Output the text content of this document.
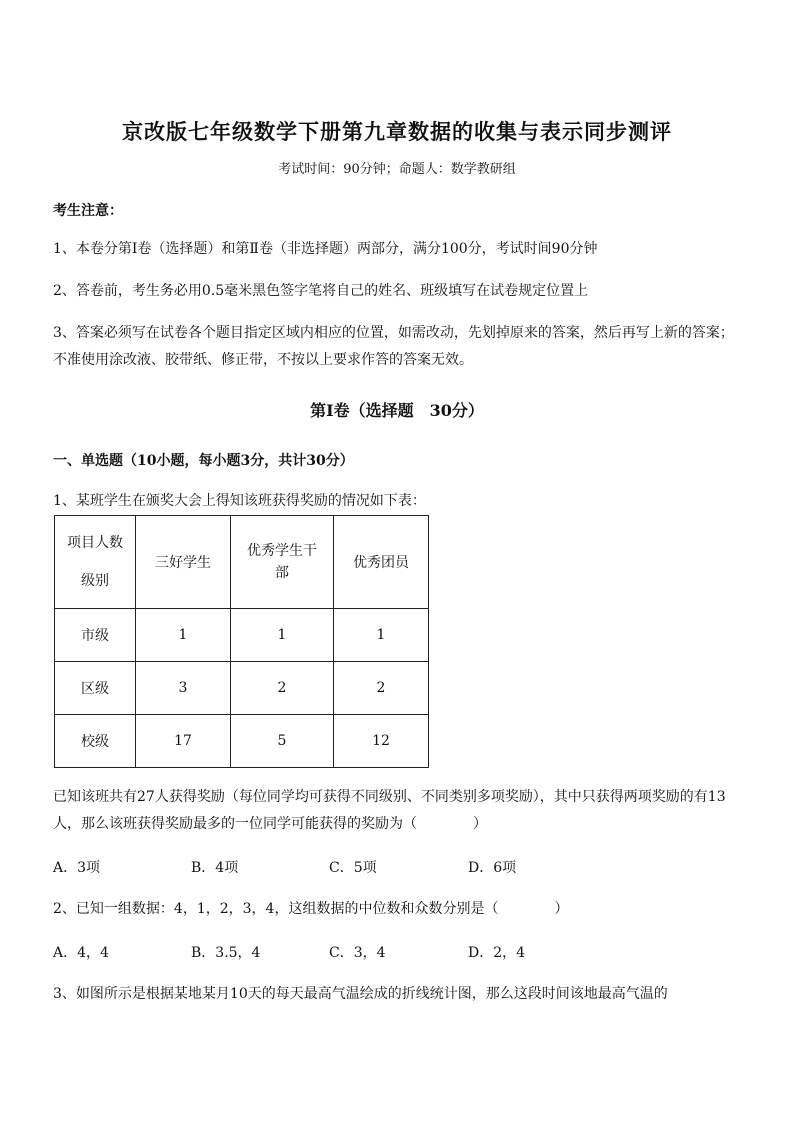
京改版七年级数学下册第九章数据的收集与表示同步测评
考试时间：90分钟；命题人：数学教研组
考生注意：
1、本卷分第Ⅰ卷（选择题）和第Ⅱ卷（非选择题）两部分，满分100分，考试时间90分钟
2、答卷前，考生务必用0.5毫米黑色签字笔将自己的姓名、班级填写在试卷规定位置上
3、答案必须写在试卷各个题目指定区域内相应的位置，如需改动，先划掉原来的答案，然后再写上新的答案；不准使用涂改液、胶带纸、修正带，不按以上要求作答的答案无效。
第Ⅰ卷（选择题　30分）
一、单选题（10小题，每小题3分，共计30分）
1、某班学生在颁奖大会上得知该班获得奖励的情况如下表：
项目人数
级别	三好学生	优秀学生干部	优秀团员
市级	1	1	1
区级	3	2	2
校级	17	5	12
已知该班共有27人获得奖励（每位同学均可获得不同级别、不同类别多项奖励），其中只获得两项奖励的有13人，那么该班获得奖励最多的一位同学可能获得的奖励为（　　　　）
A．3项	B．4项	C．5项	D．6项
2、已知一组数据：4，1，2，3，4，这组数据的中位数和众数分别是（　　　　）
A．4，4	B．3.5，4	C．3，4	D．2，4
3、如图所示是根据某地某月10天的每天最高气温绘成的折线统计图，那么这段时间该地最高气温的
